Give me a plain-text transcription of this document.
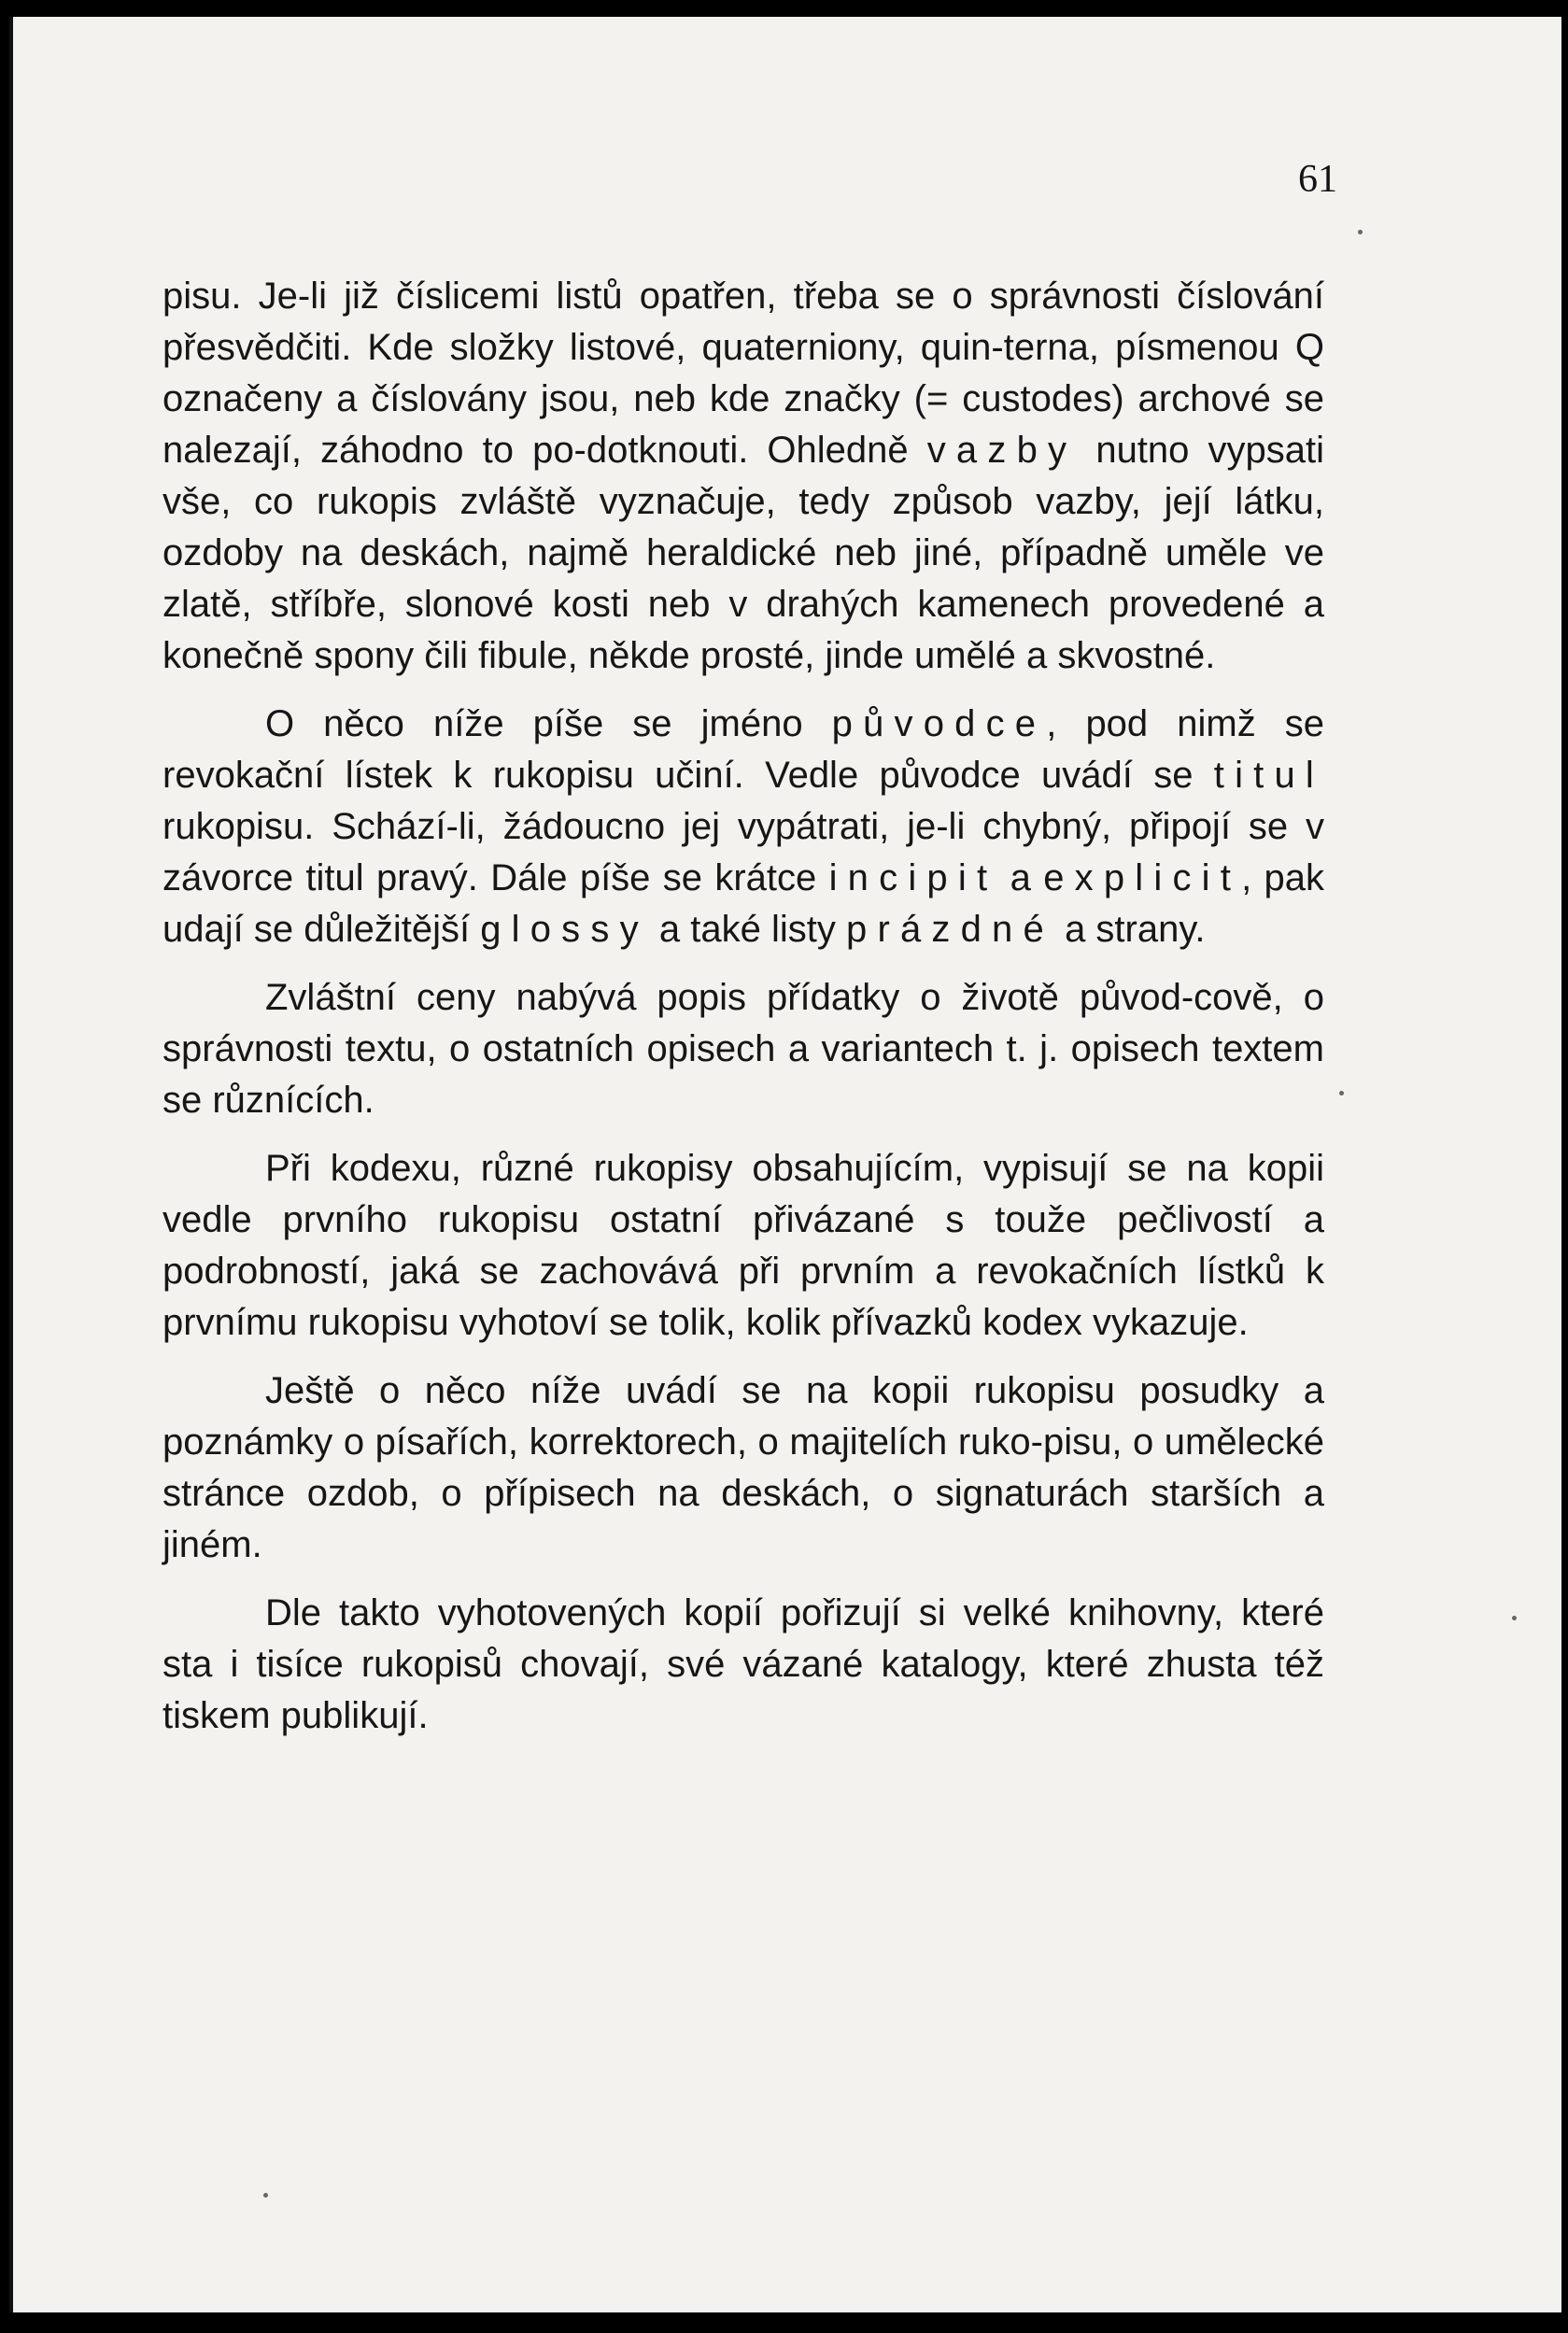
61

pisu. Je-li již číslicemi listů opatřen, třeba se o správnosti číslování přesvědčiti. Kde složky listové, quaterniony, quin-terna, písmenou Q označeny a číslovány jsou, neb kde značky (= custodes) archové se nalezají, záhodno to po-dotknouti. Ohledně vazby nutno vypsati vše, co rukopis zvláště vyznačuje, tedy způsob vazby, její látku, ozdoby na deskách, najmě heraldické neb jiné, případně uměle ve zlatě, stříbře, slonové kosti neb v drahých kamenech provedené a konečně spony čili fibule, někde prosté, jinde umělé a skvostné.

O něco níže píše se jméno původce, pod nimž se revokační lístek k rukopisu učiní. Vedle původce uvádí se titul rukopisu. Schází-li, žádoucno jej vypátrati, je-li chybný, připojí se v závorce titul pravý. Dále píše se krátce incipit a explicit, pak udají se důležitější glossy a také listy prázdné a strany.

Zvláštní ceny nabývá popis přídatky o životě původ-cově, o správnosti textu, o ostatních opisech a variantech t. j. opisech textem se různících.

Při kodexu, různé rukopisy obsahujícím, vypisují se na kopii vedle prvního rukopisu ostatní přivázané s touže pečlivostí a podrobností, jaká se zachovává při prvním a revokačních lístků k prvnímu rukopisu vyhotoví se tolik, kolik přívazků kodex vykazuje.

Ještě o něco níže uvádí se na kopii rukopisu posudky a poznámky o písařích, korrektorech, o majitelích ruko-pisu, o umělecké stránce ozdob, o přípisech na deskách, o signaturách starších a jiném.

Dle takto vyhotovených kopií pořizují si velké knihovny, které sta i tisíce rukopisů chovají, své vázané katalogy, které zhusta též tiskem publikují.
